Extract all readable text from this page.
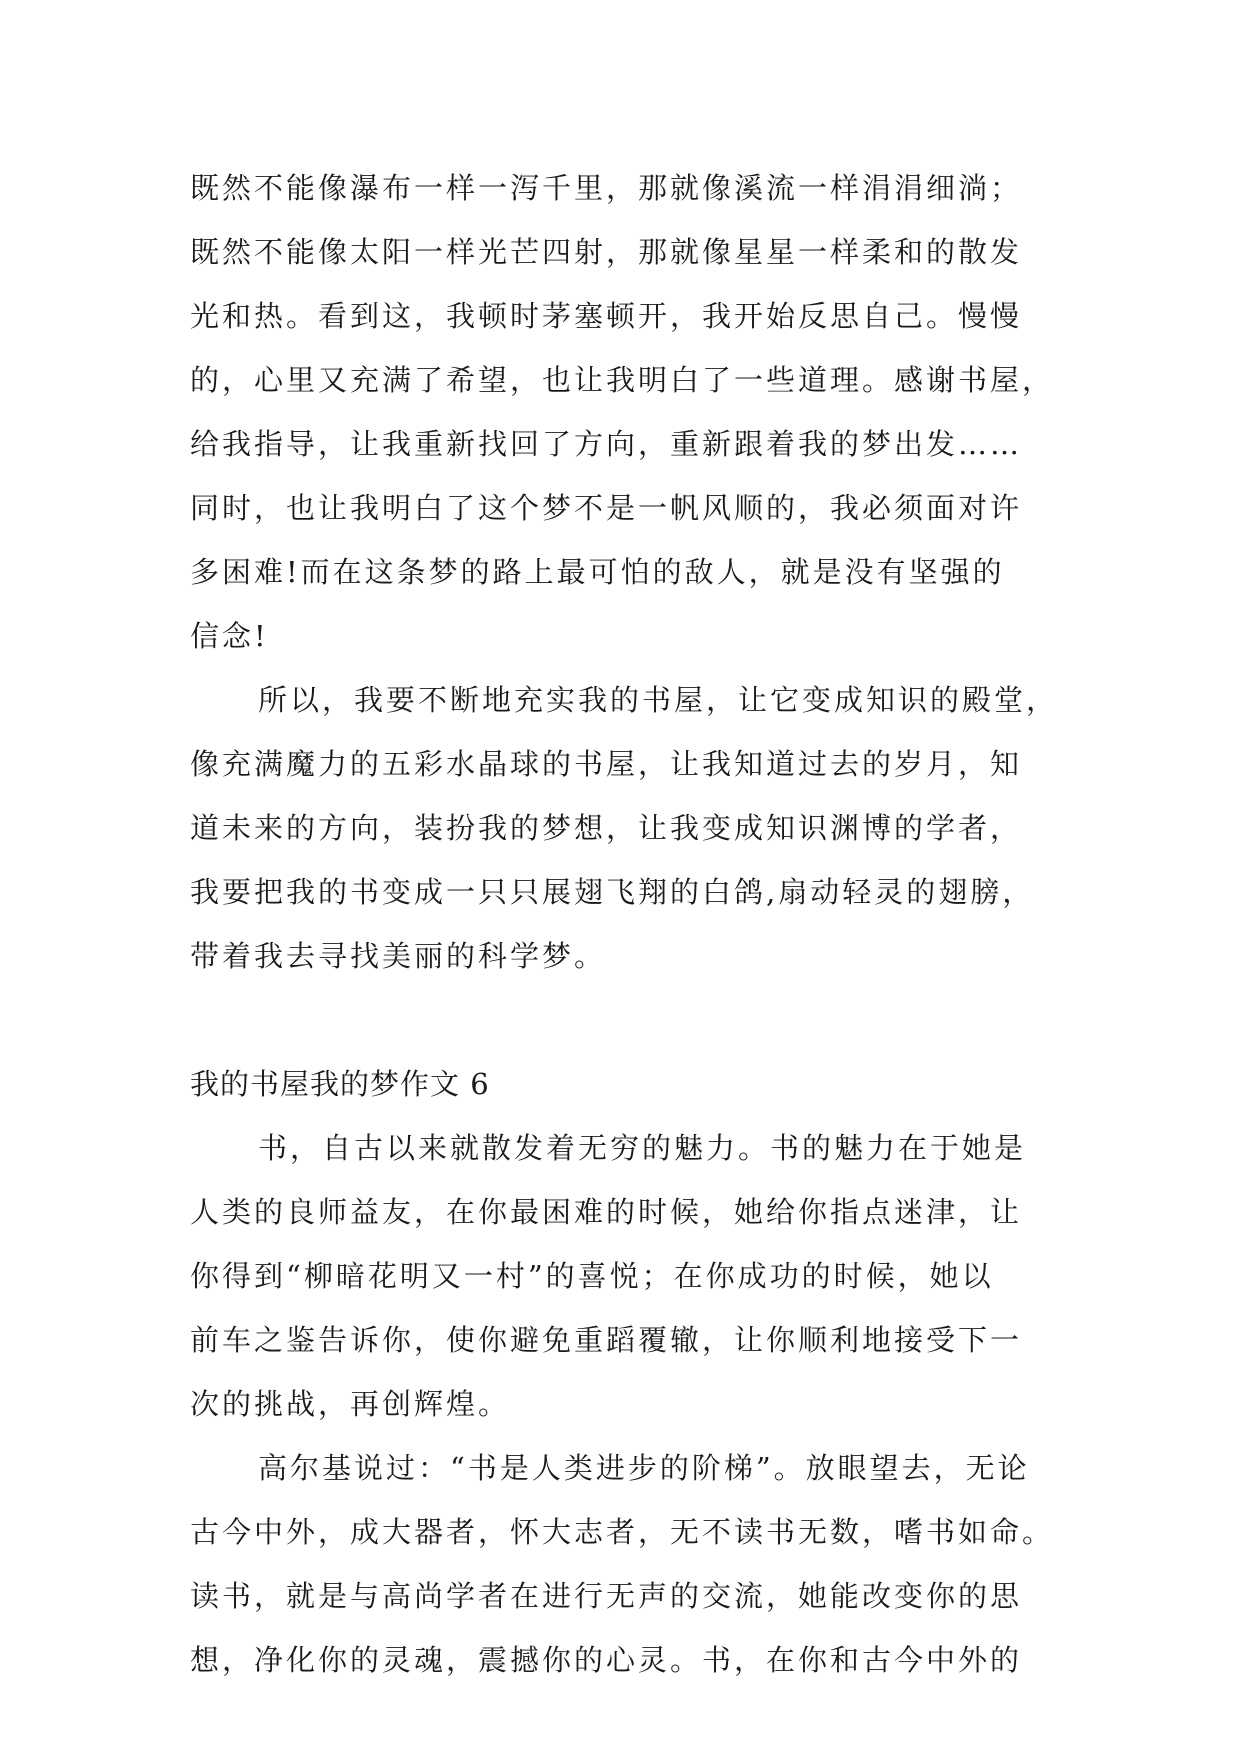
既然不能像瀑布一样一泻千里，那就像溪流一样涓涓细淌；

既然不能像太阳一样光芒四射，那就像星星一样柔和的散发

光和热。看到这，我顿时茅塞顿开，我开始反思自己。慢慢

的，心里又充满了希望，也让我明白了一些道理。感谢书屋，

给我指导，让我重新找回了方向，重新跟着我的梦出发……

同时，也让我明白了这个梦不是一帆风顺的，我必须面对许

多困难!而在这条梦的路上最可怕的敌人，就是没有坚强的

信念!

所以，我要不断地充实我的书屋，让它变成知识的殿堂，

像充满魔力的五彩水晶球的书屋，让我知道过去的岁月，知

道未来的方向，装扮我的梦想，让我变成知识渊博的学者，

我要把我的书变成一只只展翅飞翔的白鸽,扇动轻灵的翅膀，

带着我去寻找美丽的科学梦。

我的书屋我的梦作文 6

书，自古以来就散发着无穷的魅力。书的魅力在于她是

人类的良师益友，在你最困难的时候，她给你指点迷津，让

你得到“柳暗花明又一村”的喜悦；在你成功的时候，她以

前车之鉴告诉你，使你避免重蹈覆辙，让你顺利地接受下一

次的挑战，再创辉煌。

高尔基说过：“书是人类进步的阶梯”。放眼望去，无论

古今中外，成大器者，怀大志者，无不读书无数，嗜书如命。

读书，就是与高尚学者在进行无声的交流，她能改变你的思

想，净化你的灵魂，震撼你的心灵。书，在你和古今中外的
